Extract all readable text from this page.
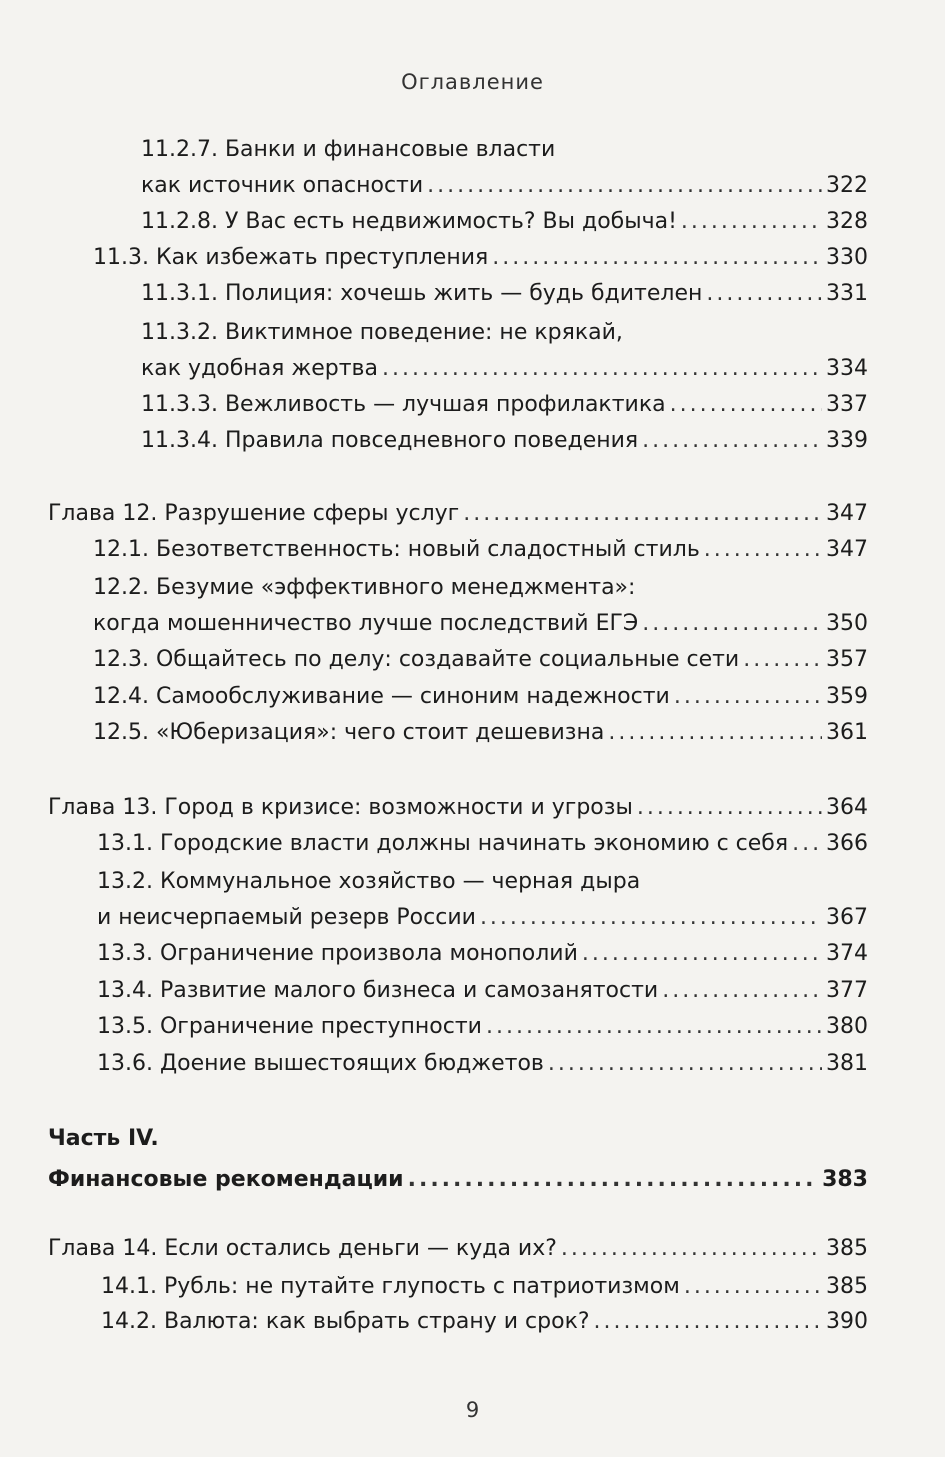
Оглавление
11.2.7. Банки и финансовые власти
как источник опасности .....	322
11.2.8. У Вас есть недвижимость? Вы добыча! .....	328
11.3. Как избежать преступления .....	330
11.3.1. Полиция: хочешь жить — будь бдителен .....	331
11.3.2. Виктимное поведение: не крякай,
как удобная жертва .....	334
11.3.3. Вежливость — лучшая профилактика .....	337
11.3.4. Правила повседневного поведения .....	339
Глава 12. Разрушение сферы услуг .....	347
12.1. Безответственность: новый сладостный стиль .....	347
12.2. Безумие «эффективного менеджмента»:
когда мошенничество лучше последствий ЕГЭ .....	350
12.3. Общайтесь по делу: создавайте социальные сети .....	357
12.4. Самообслуживание — синоним надежности .....	359
12.5. «Юберизация»: чего стоит дешевизна .....	361
Глава 13. Город в кризисе: возможности и угрозы .....	364
13.1. Городские власти должны начинать экономию с себя ..... 366
13.2. Коммунальное хозяйство — черная дыра
и неисчерпаемый резерв России .....	367
13.3. Ограничение произвола монополий .....	374
13.4. Развитие малого бизнеса и самозанятости .....	377
13.5. Ограничение преступности .....	380
13.6. Доение вышестоящих бюджетов .....	381
Часть IV.
Финансовые рекомендации .....	383
Глава 14. Если остались деньги — куда их? .....	385
14.1. Рубль: не путайте глупость с патриотизмом .....	385
14.2. Валюта: как выбрать страну и срок? .....	390
9
